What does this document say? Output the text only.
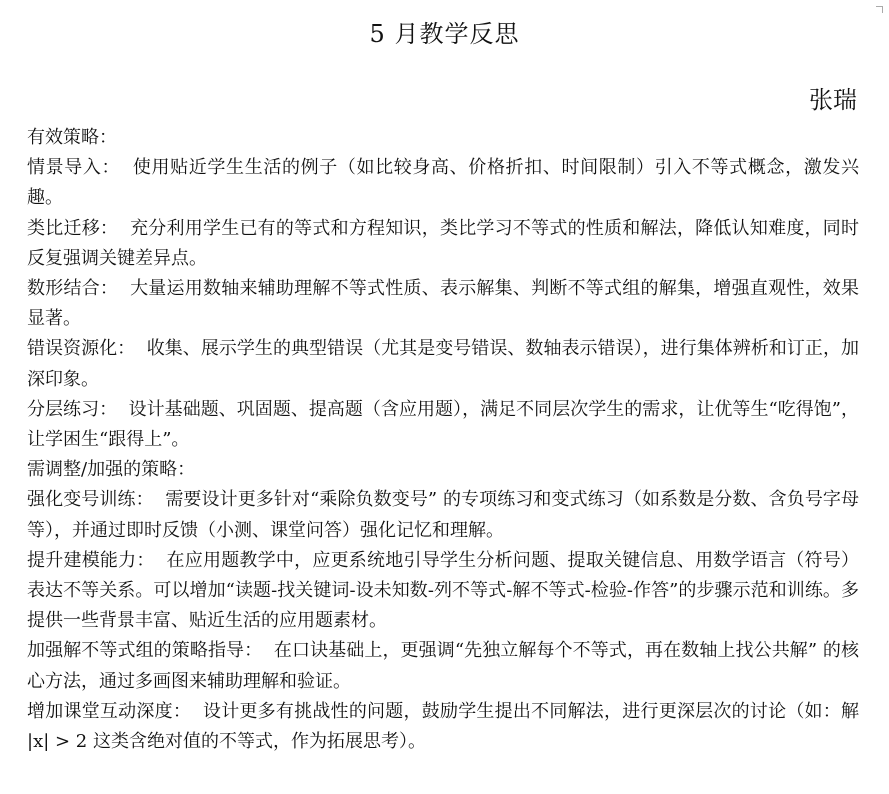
5 月教学反思
张瑞

有效策略：

情景导入： 使用贴近学生生活的例子（如比较身高、价格折扣、时间限制）引入不等式概念，激发兴趣。

类比迁移： 充分利用学生已有的等式和方程知识，类比学习不等式的性质和解法，降低认知难度，同时反复强调关键差异点。

数形结合： 大量运用数轴来辅助理解不等式性质、表示解集、判断不等式组的解集，增强直观性，效果显著。

错误资源化： 收集、展示学生的典型错误（尤其是变号错误、数轴表示错误），进行集体辨析和订正，加深印象。

分层练习： 设计基础题、巩固题、提高题（含应用题），满足不同层次学生的需求，让优等生“吃得饱”，让学困生“跟得上”。

需调整/加强的策略：

强化变号训练： 需要设计更多针对“乘除负数变号” 的专项练习和变式练习（如系数是分数、含负号字母等），并通过即时反馈（小测、课堂问答）强化记忆和理解。

提升建模能力： 在应用题教学中，应更系统地引导学生分析问题、提取关键信息、用数学语言（符号）表达不等关系。可以增加“读题-找关键词-设未知数-列不等式-解不等式-检验-作答”的步骤示范和训练。多提供一些背景丰富、贴近生活的应用题素材。

加强解不等式组的策略指导： 在口诀基础上，更强调“先独立解每个不等式，再在数轴上找公共解” 的核心方法，通过多画图来辅助理解和验证。

增加课堂互动深度： 设计更多有挑战性的问题，鼓励学生提出不同解法，进行更深层次的讨论（如：解 |x| > 2 这类含绝对值的不等式，作为拓展思考）。
